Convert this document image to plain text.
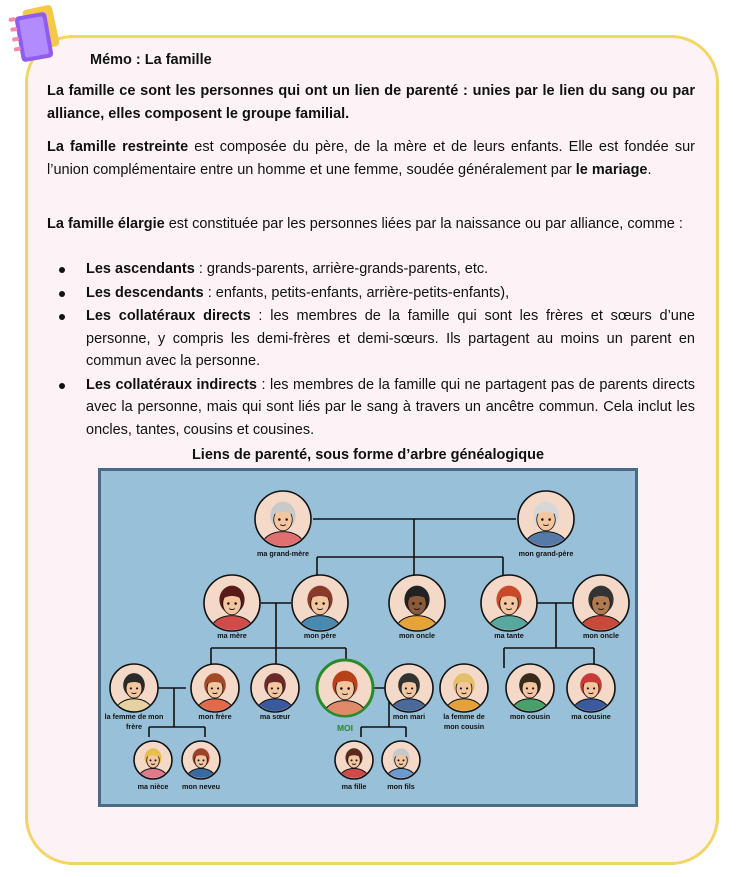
Mémo : La famille

La famille ce sont les personnes qui ont un lien de parenté : unies par le lien du sang ou par alliance, elles composent le groupe familial.

La famille restreinte est composée du père, de la mère et de leurs enfants. Elle est fondée sur l’union complémentaire entre un homme et une femme, soudée généralement par le mariage.

La famille élargie est constituée par les personnes liées par la naissance ou par alliance, comme :

Les ascendants : grands-parents, arrière-grands-parents, etc.
Les descendants : enfants, petits-enfants, arrière-petits-enfants),
Les collatéraux directs : les membres de la famille qui sont les frères et sœurs d’une personne, y compris les demi-frères et demi-sœurs. Ils partagent au moins un parent en commun avec la personne.
Les collatéraux indirects : les membres de la famille qui ne partagent pas de parents directs avec la personne, mais qui sont liés par le sang à travers un ancêtre commun. Cela inclut les oncles, tantes, cousins et cousines.
Liens de parenté, sous forme d’arbre généalogique
ma grand-mère	mon grand-père
ma mère	mon père	mon oncle	ma tante	mon oncle
la femme de mon
frère
mon frère	ma sœur
MOI
mon mari	la femme de
mon cousin
mon cousin	ma cousine
ma nièce mon neveu	ma fille	mon fils
